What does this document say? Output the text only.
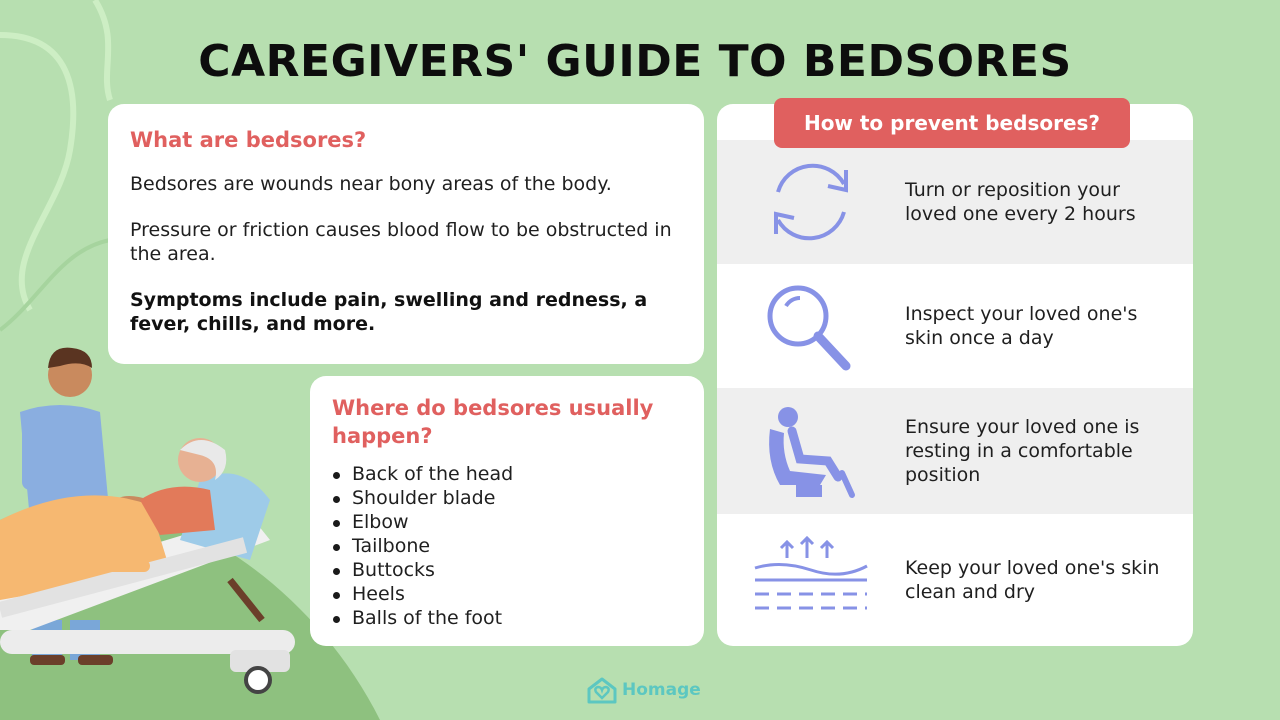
CAREGIVERS' GUIDE TO BEDSORES
What are bedsores?
Bedsores are wounds near bony areas of the body.
Pressure or friction causes blood flow to be obstructed in the area.
Symptoms include pain, swelling and redness, a fever, chills, and more.
Where do bedsores usually happen?
Back of the head
Shoulder blade
Elbow
Tailbone
Buttocks
Heels
Balls of the foot
How to prevent bedsores?
Turn or reposition your loved one every 2 hours
Inspect your loved one's skin once a day
Ensure your loved one is resting in a comfortable position
Keep your loved one's skin clean and dry
Homage
